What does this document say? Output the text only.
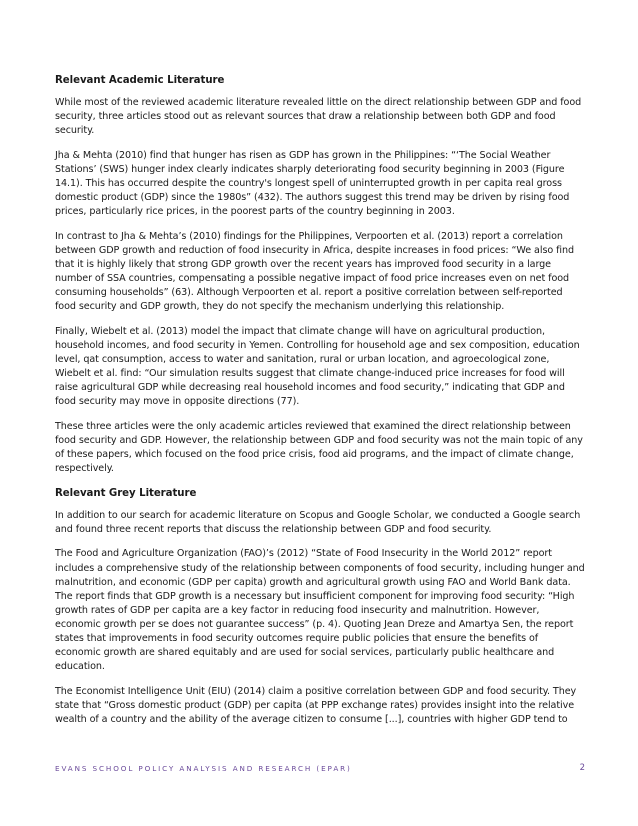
Relevant Academic Literature

While most of the reviewed academic literature revealed little on the direct relationship between GDP and food security, three articles stood out as relevant sources that draw a relationship between both GDP and food security.

Jha & Mehta (2010) find that hunger has risen as GDP has grown in the Philippines: “‘The Social Weather Stations’ (SWS) hunger index clearly indicates sharply deteriorating food security beginning in 2003 (Figure 14.1). This has occurred despite the country's longest spell of uninterrupted growth in per capita real gross domestic product (GDP) since the 1980s” (432). The authors suggest this trend may be driven by rising food prices, particularly rice prices, in the poorest parts of the country beginning in 2003.

In contrast to Jha & Mehta’s (2010) findings for the Philippines, Verpoorten et al. (2013) report a correlation between GDP growth and reduction of food insecurity in Africa, despite increases in food prices: “We also find that it is highly likely that strong GDP growth over the recent years has improved food security in a large number of SSA countries, compensating a possible negative impact of food price increases even on net food consuming households” (63). Although Verpoorten et al. report a positive correlation between self-reported food security and GDP growth, they do not specify the mechanism underlying this relationship.

Finally, Wiebelt et al. (2013) model the impact that climate change will have on agricultural production, household incomes, and food security in Yemen. Controlling for household age and sex composition, education level, qat consumption, access to water and sanitation, rural or urban location, and agroecological zone, Wiebelt et al. find: “Our simulation results suggest that climate change-induced price increases for food will raise agricultural GDP while decreasing real household incomes and food security,” indicating that GDP and food security may move in opposite directions (77).

These three articles were the only academic articles reviewed that examined the direct relationship between food security and GDP. However, the relationship between GDP and food security was not the main topic of any of these papers, which focused on the food price crisis, food aid programs, and the impact of climate change, respectively.

Relevant Grey Literature

In addition to our search for academic literature on Scopus and Google Scholar, we conducted a Google search and found three recent reports that discuss the relationship between GDP and food security.

The Food and Agriculture Organization (FAO)’s (2012) “State of Food Insecurity in the World 2012” report includes a comprehensive study of the relationship between components of food security, including hunger and malnutrition, and economic (GDP per capita) growth and agricultural growth using FAO and World Bank data. The report finds that GDP growth is a necessary but insufficient component for improving food security: “High growth rates of GDP per capita are a key factor in reducing food insecurity and malnutrition. However, economic growth per se does not guarantee success” (p. 4). Quoting Jean Dreze and Amartya Sen, the report states that improvements in food security outcomes require public policies that ensure the benefits of economic growth are shared equitably and are used for social services, particularly public healthcare and education.

The Economist Intelligence Unit (EIU) (2014) claim a positive correlation between GDP and food security. They state that “Gross domestic product (GDP) per capita (at PPP exchange rates) provides insight into the relative wealth of a country and the ability of the average citizen to consume [...], countries with higher GDP tend to

EVANS SCHOOL POLICY ANALYSIS AND RESEARCH (EPAR)	2
